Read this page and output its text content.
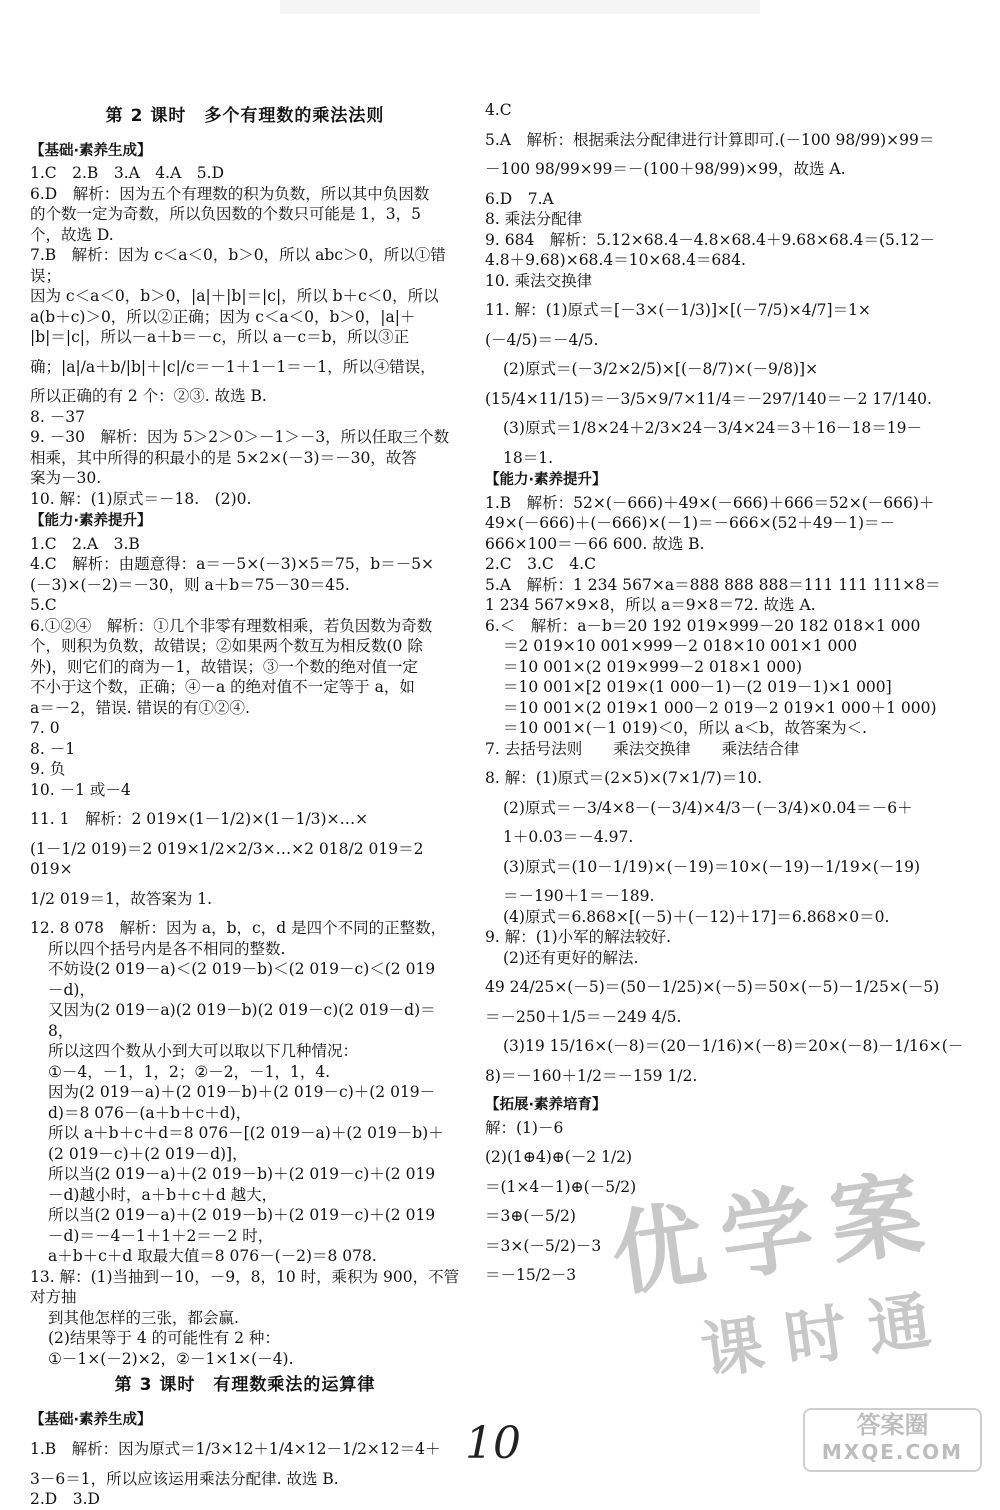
第 2 课时　多个有理数的乘法法则
【基础·素养生成】

1.C　2.B　3.A　4.A　5.D

6.D　解析：因为五个有理数的积为负数，所以其中负因数

的个数一定为奇数，所以负因数的个数只可能是 1，3，5

个，故选 D.

7.B　解析：因为 c＜a＜0，b＞0，所以 abc＞0，所以①错误；

因为 c＜a＜0，b＞0，|a|＋|b|＝|c|，所以 b＋c＜0，所以

a(b＋c)＞0，所以②正确；因为 c＜a＜0，b＞0，|a|＋

|b|＝|c|，所以－a＋b＝－c，所以 a－c＝b，所以③正

确；|a|/a＋b/|b|＋|c|/c＝－1＋1－1＝－1，所以④错误，

所以正确的有 2 个：②③. 故选 B.

8. －37

9. －30　解析：因为 5＞2＞0＞－1＞－3，所以任取三个数

相乘，其中所得的积最小的是 5×2×(－3)＝－30，故答

案为－30.

10. 解：(1)原式＝－18.　(2)0.

【能力·素养提升】

1.C　2.A　3.B

4.C　解析：由题意得：a＝－5×(－3)×5＝75，b＝－5×

(－3)×(－2)＝－30，则 a＋b＝75－30＝45.

5.C

6.①②④　解析：①几个非零有理数相乘，若负因数为奇数

个，则积为负数，故错误；②如果两个数互为相反数(0 除

外)，则它们的商为－1，故错误；③一个数的绝对值一定

不小于这个数，正确；④－a 的绝对值不一定等于 a，如

a＝－2，错误. 错误的有①②④.

7. 0

8. －1

9. 负

10. －1 或－4

11. 1　解析：2 019×(1－1/2)×(1－1/3)×…×

(1－1/2 019)＝2 019×1/2×2/3×…×2 018/2 019＝2 019×

1/2 019＝1，故答案为 1.

12. 8 078　解析：因为 a，b，c，d 是四个不同的正整数，

所以四个括号内是各不相同的整数.

不妨设(2 019－a)＜(2 019－b)＜(2 019－c)＜(2 019

－d)，

又因为(2 019－a)(2 019－b)(2 019－c)(2 019－d)＝

8，

所以这四个数从小到大可以取以下几种情况：

①－4，－1，1，2；②－2，－1，1，4.

因为(2 019－a)＋(2 019－b)＋(2 019－c)＋(2 019－

d)＝8 076－(a＋b＋c＋d)，

所以 a＋b＋c＋d＝8 076－[(2 019－a)＋(2 019－b)＋

(2 019－c)＋(2 019－d)]，

所以当(2 019－a)＋(2 019－b)＋(2 019－c)＋(2 019

－d)越小时，a＋b＋c＋d 越大，

所以当(2 019－a)＋(2 019－b)＋(2 019－c)＋(2 019

－d)＝－4－1＋1＋2＝－2 时，

a＋b＋c＋d 取最大值＝8 076－(－2)＝8 078.

13. 解：(1)当抽到－10，－9，8，10 时，乘积为 900，不管对方抽

到其他怎样的三张，都会赢.

(2)结果等于 4 的可能性有 2 种：

①－1×(－2)×2，②－1×1×(－4).

第 3 课时　有理数乘法的运算律
【基础·素养生成】

1.B　解析：因为原式＝1/3×12＋1/4×12－1/2×12＝4＋

3－6＝1，所以应该运用乘法分配律. 故选 B.

2.D　3.D

4.C

5.A　解析：根据乘法分配律进行计算即可.(－100 98/99)×99＝

－100 98/99×99＝－(100＋98/99)×99，故选 A.

6.D　7.A

8. 乘法分配律

9. 684　解析：5.12×68.4－4.8×68.4＋9.68×68.4＝(5.12－

4.8＋9.68)×68.4＝10×68.4＝684.

10. 乘法交换律

11. 解：(1)原式＝[－3×(－1/3)]×[(－7/5)×4/7]＝1×

(－4/5)＝－4/5.

(2)原式＝(－3/2×2/5)×[(－8/7)×(－9/8)]×

(15/4×11/15)＝－3/5×9/7×11/4＝－297/140＝－2 17/140.

(3)原式＝1/8×24＋2/3×24－3/4×24＝3＋16－18＝19－

18＝1.

【能力·素养提升】

1.B　解析：52×(－666)＋49×(－666)＋666＝52×(－666)＋

49×(－666)＋(－666)×(－1)＝－666×(52＋49－1)＝－

666×100＝－66 600. 故选 B.

2.C　3.C　4.C

5.A　解析：1 234 567×a＝888 888 888＝111 111 111×8＝

1 234 567×9×8，所以 a＝9×8＝72. 故选 A.

6.＜　解析：a－b＝20 192 019×999－20 182 018×1 000

＝2 019×10 001×999－2 018×10 001×1 000

＝10 001×(2 019×999－2 018×1 000)

＝10 001×[2 019×(1 000－1)－(2 019－1)×1 000]

＝10 001×(2 019×1 000－2 019－2 019×1 000＋1 000)

＝10 001×(－1 019)＜0，所以 a＜b，故答案为＜.

7. 去括号法则　　乘法交换律　　乘法结合律

8. 解：(1)原式＝(2×5)×(7×1/7)＝10.

(2)原式＝－3/4×8－(－3/4)×4/3－(－3/4)×0.04＝－6＋

1＋0.03＝－4.97.

(3)原式＝(10－1/19)×(－19)＝10×(－19)－1/19×(－19)

＝－190＋1＝－189.

(4)原式＝6.868×[(－5)＋(－12)＋17]＝6.868×0＝0.

9. 解：(1)小军的解法较好.

(2)还有更好的解法.

49 24/25×(－5)＝(50－1/25)×(－5)＝50×(－5)－1/25×(－5)

＝－250＋1/5＝－249 4/5.

(3)19 15/16×(－8)＝(20－1/16)×(－8)＝20×(－8)－1/16×(－

8)＝－160＋1/2＝－159 1/2.

【拓展·素养培育】

解：(1)－6

(2)(1⊕4)⊕(－2 1/2)

＝(1×4－1)⊕(－5/2)

＝3⊕(－5/2)

＝3×(－5/2)－3

＝－15/2－3 优学案
课时通
10	答案圈
MXQE.COM
